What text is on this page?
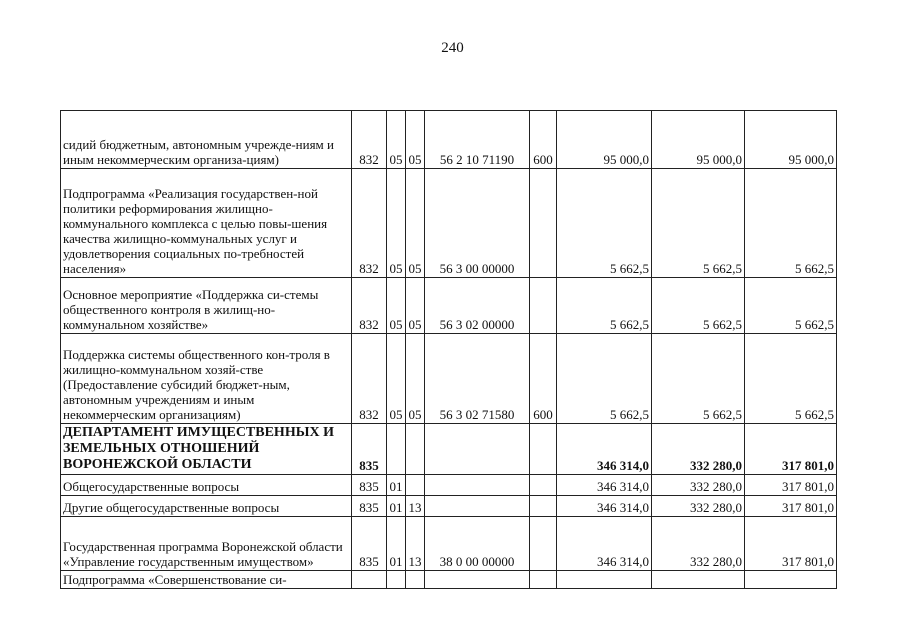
240
сидий бюджетным, автономным учрежде-ниям и иным некоммерческим организа-циям)	832	05	05	56 2 10 71190	600	95 000,0	95 000,0	95 000,0
Подпрограмма «Реализация государствен-ной политики реформирования жилищно-коммунального комплекса с целью повы-шения качества жилищно-коммунальных услуг и удовлетворения социальных по-требностей населения»	832	05	05	56 3 00 00000		5 662,5	5 662,5	5 662,5
Основное мероприятие «Поддержка си-стемы общественного контроля в жилищ-но-коммунальном хозяйстве»	832	05	05	56 3 02 00000		5 662,5	5 662,5	5 662,5
Поддержка системы общественного кон-троля в жилищно-коммунальном хозяй-стве (Предоставление субсидий бюджет-ным, автономным учреждениям и иным некоммерческим организациям)	832	05	05	56 3 02 71580	600	5 662,5	5 662,5	5 662,5
ДЕПАРТАМЕНТ ИМУЩЕСТВЕННЫХ И ЗЕМЕЛЬНЫХ ОТНОШЕНИЙ ВОРОНЕЖСКОЙ ОБЛАСТИ	835					346 314,0	332 280,0	317 801,0
Общегосударственные вопросы	835	01				346 314,0	332 280,0	317 801,0
Другие общегосударственные вопросы	835	01	13			346 314,0	332 280,0	317 801,0
Государственная программа Воронежской области «Управление государственным имуществом»	835	01	13	38 0 00 00000		346 314,0	332 280,0	317 801,0
Подпрограмма «Совершенствование си-								
